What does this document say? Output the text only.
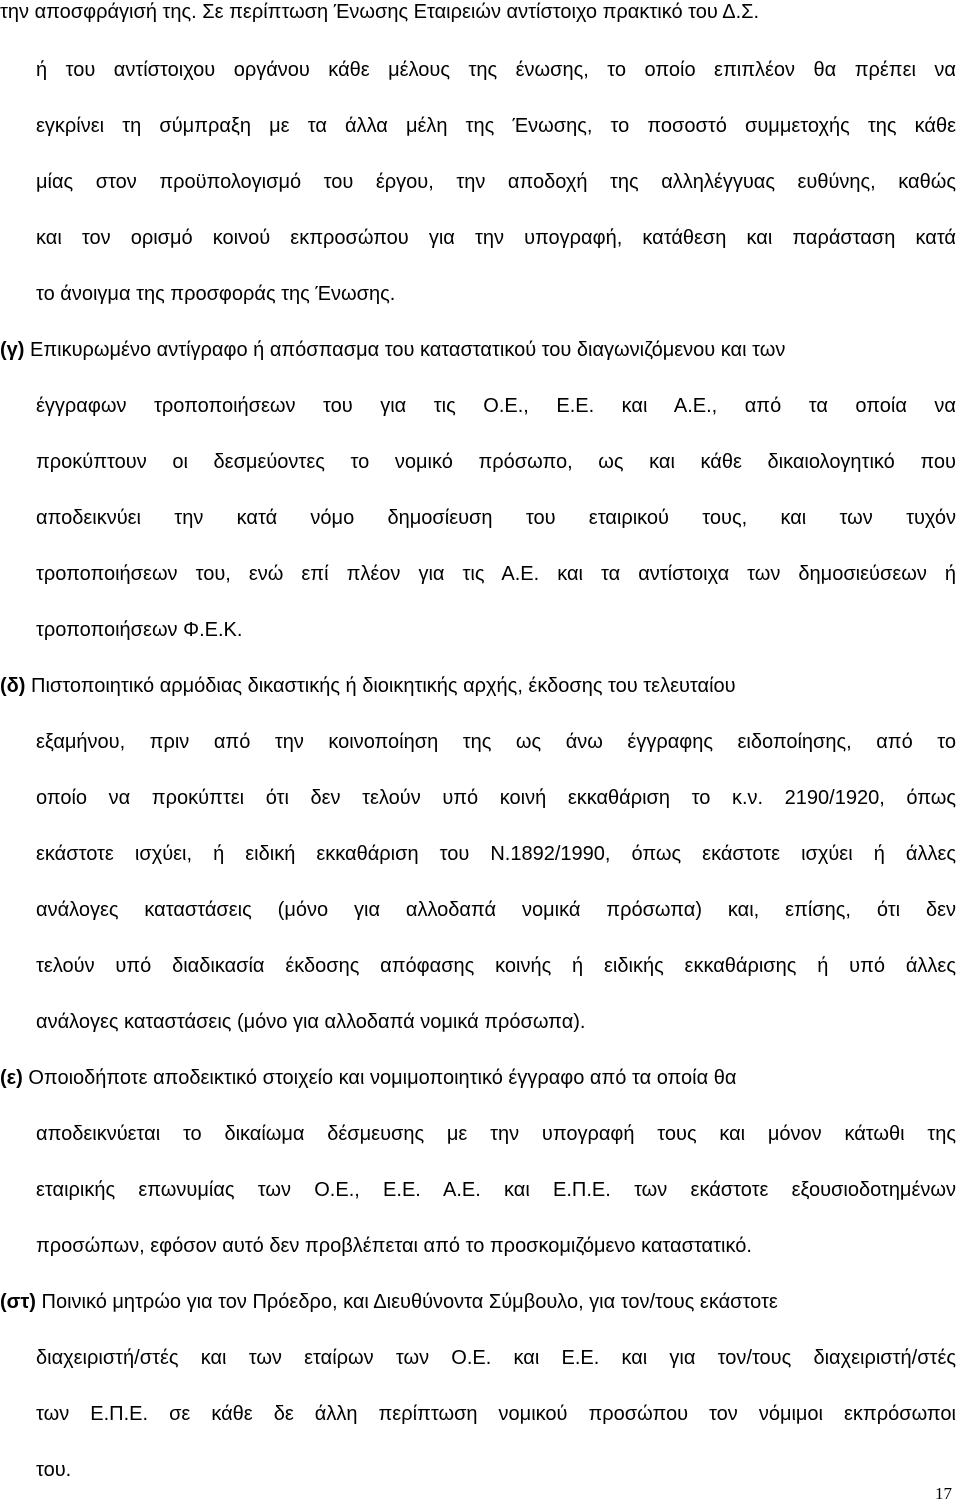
την αποσφράγισή της. Σε περίπτωση Ένωσης Εταιρειών αντίστοιχο πρακτικό του Δ.Σ.
ή του αντίστοιχου οργάνου κάθε μέλους της ένωσης, το οποίο επιπλέον θα πρέπει να
εγκρίνει τη σύμπραξη με τα άλλα μέλη της Ένωσης, το ποσοστό συμμετοχής της κάθε
μίας στον προϋπολογισμό του έργου, την αποδοχή της αλληλέγγυας ευθύνης, καθώς
και τον ορισμό κοινού εκπροσώπου για την υπογραφή, κατάθεση και παράσταση κατά
το άνοιγμα της προσφοράς της Ένωσης.
(γ) Επικυρωμένο αντίγραφο ή απόσπασμα του καταστατικού του διαγωνιζόμενου και των
έγγραφων τροποποιήσεων του για τις Ο.Ε., Ε.Ε. και Α.Ε., από τα οποία να
προκύπτουν οι δεσμεύοντες το νομικό πρόσωπο, ως και κάθε δικαιολογητικό που
αποδεικνύει την κατά νόμο δημοσίευση του εταιρικού τους, και των τυχόν
τροποποιήσεων του, ενώ επί πλέον για τις Α.Ε. και τα αντίστοιχα των δημοσιεύσεων ή
τροποποιήσεων Φ.Ε.Κ.
(δ) Πιστοποιητικό αρμόδιας δικαστικής ή διοικητικής αρχής, έκδοσης του τελευταίου
εξαμήνου, πριν από την κοινοποίηση της ως άνω έγγραφης ειδοποίησης, από το
οποίο να προκύπτει ότι δεν τελούν υπό κοινή εκκαθάριση το κ.ν. 2190/1920, όπως
εκάστοτε ισχύει, ή ειδική εκκαθάριση του Ν.1892/1990, όπως εκάστοτε ισχύει ή άλλες
ανάλογες καταστάσεις (μόνο για αλλοδαπά νομικά πρόσωπα) και, επίσης, ότι δεν
τελούν υπό διαδικασία έκδοσης απόφασης κοινής ή ειδικής εκκαθάρισης ή υπό άλλες
ανάλογες καταστάσεις (μόνο για αλλοδαπά νομικά πρόσωπα).
(ε) Οποιοδήποτε αποδεικτικό στοιχείο και νομιμοποιητικό έγγραφο από τα οποία θα
αποδεικνύεται το δικαίωμα δέσμευσης με την υπογραφή τους και μόνον κάτωθι της
εταιρικής επωνυμίας των Ο.Ε., Ε.Ε. Α.Ε. και Ε.Π.Ε. των εκάστοτε εξουσιοδοτημένων
προσώπων, εφόσον αυτό δεν προβλέπεται από το προσκομιζόμενο καταστατικό.
(στ) Ποινικό μητρώο για τον Πρόεδρο, και Διευθύνοντα Σύμβουλο, για τον/τους εκάστοτε
διαχειριστή/στές και των εταίρων των Ο.Ε. και Ε.Ε. και για τον/τους διαχειριστή/στές
των Ε.Π.Ε. σε κάθε δε άλλη περίπτωση νομικού προσώπου τον νόμιμοι εκπρόσωποι
του.
17
